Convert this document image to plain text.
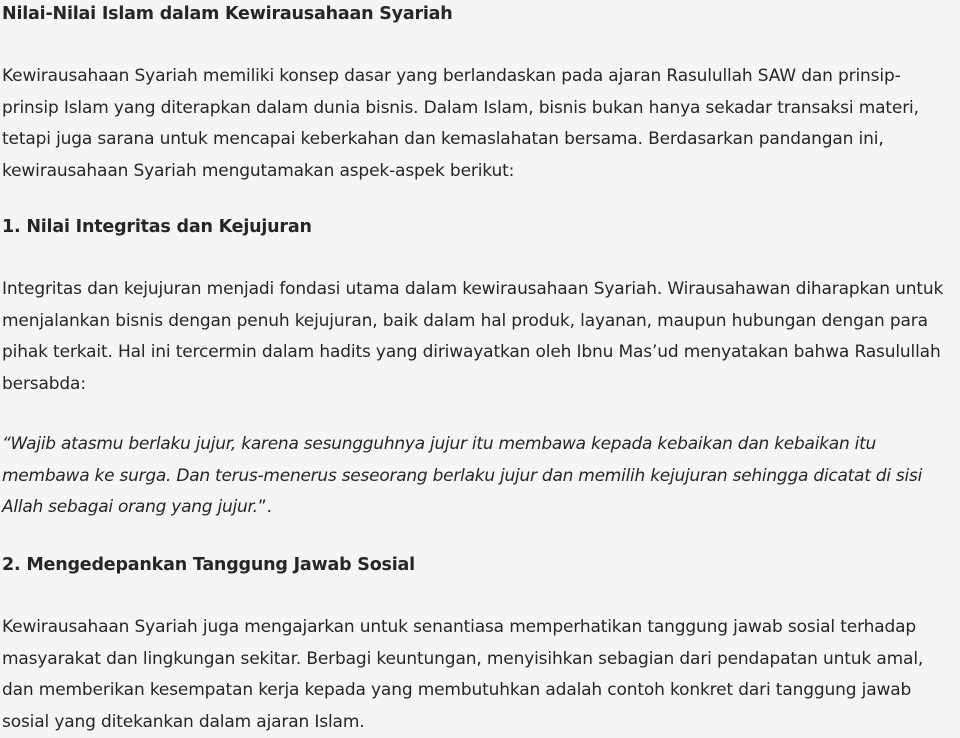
Nilai-Nilai Islam dalam Kewirausahaan Syariah

Kewirausahaan Syariah memiliki konsep dasar yang berlandaskan pada ajaran Rasulullah SAW dan prinsip-prinsip Islam yang diterapkan dalam dunia bisnis. Dalam Islam, bisnis bukan hanya sekadar transaksi materi, tetapi juga sarana untuk mencapai keberkahan dan kemaslahatan bersama. Berdasarkan pandangan ini, kewirausahaan Syariah mengutamakan aspek-aspek berikut:

1. Nilai Integritas dan Kejujuran

Integritas dan kejujuran menjadi fondasi utama dalam kewirausahaan Syariah. Wirausahawan diharapkan untuk menjalankan bisnis dengan penuh kejujuran, baik dalam hal produk, layanan, maupun hubungan dengan para pihak terkait. Hal ini tercermin dalam hadits yang diriwayatkan oleh Ibnu Mas’ud menyatakan bahwa Rasulullah bersabda:

“Wajib atasmu berlaku jujur, karena sesungguhnya jujur itu membawa kepada kebaikan dan kebaikan itu membawa ke surga. Dan terus-menerus seseorang berlaku jujur dan memilih kejujuran sehingga dicatat di sisi Allah sebagai orang yang jujur.”.

2. Mengedepankan Tanggung Jawab Sosial

Kewirausahaan Syariah juga mengajarkan untuk senantiasa memperhatikan tanggung jawab sosial terhadap masyarakat dan lingkungan sekitar. Berbagi keuntungan, menyisihkan sebagian dari pendapatan untuk amal, dan memberikan kesempatan kerja kepada yang membutuhkan adalah contoh konkret dari tanggung jawab sosial yang ditekankan dalam ajaran Islam.
